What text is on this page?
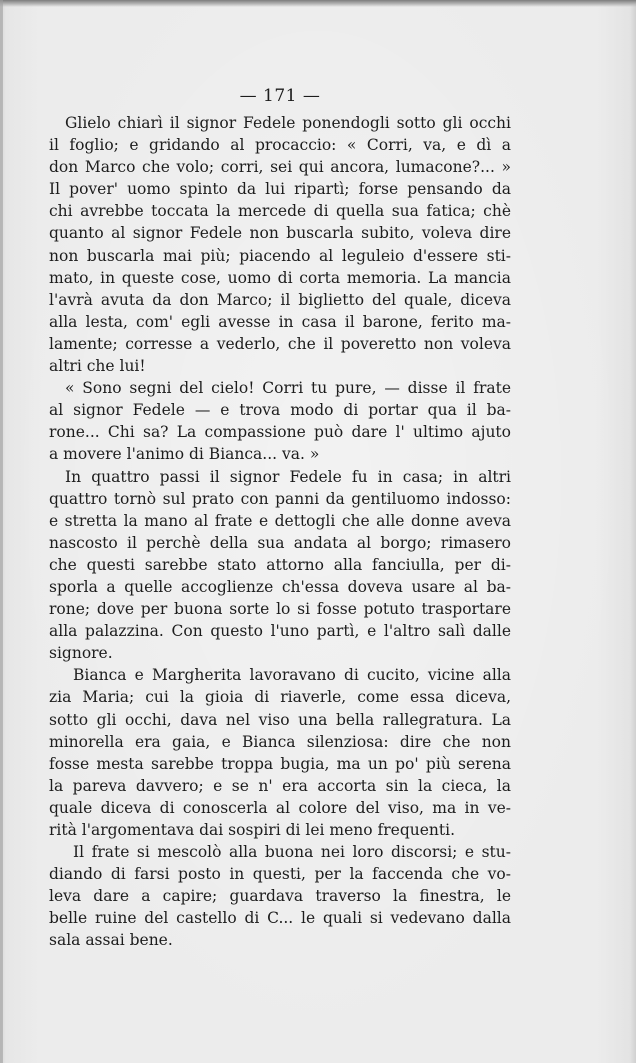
— 171 —
Glielo chiarì il signor Fedele ponendogli sotto gli occhi
il foglio; e gridando al procaccio: « Corri, va, e dì a
don Marco che volo; corri, sei qui ancora, lumacone?... »
Il pover' uomo spinto da lui ripartì; forse pensando da
chi avrebbe toccata la mercede di quella sua fatica; chè
quanto al signor Fedele non buscarla subito, voleva dire
non buscarla mai più; piacendo al leguleio d'essere sti-
mato, in queste cose, uomo di corta memoria. La mancia
l'avrà avuta da don Marco; il biglietto del quale, diceva
alla lesta, com' egli avesse in casa il barone, ferito ma-
lamente; corresse a vederlo, che il poveretto non voleva
altri che lui!
« Sono segni del cielo! Corri tu pure, — disse il frate
al signor Fedele — e trova modo di portar qua il ba-
rone... Chi sa? La compassione può dare l' ultimo ajuto
a movere l'animo di Bianca... va. »
In quattro passi il signor Fedele fu in casa; in altri
quattro tornò sul prato con panni da gentiluomo indosso:
e stretta la mano al frate e dettogli che alle donne aveva
nascosto il perchè della sua andata al borgo; rimasero
che questi sarebbe stato attorno alla fanciulla, per di-
sporla a quelle accoglienze ch'essa doveva usare al ba-
rone; dove per buona sorte lo si fosse potuto trasportare
alla palazzina. Con questo l'uno partì, e l'altro salì dalle
signore.
Bianca e Margherita lavoravano di cucito, vicine alla
zia Maria; cui la gioia di riaverle, come essa diceva,
sotto gli occhi, dava nel viso una bella rallegratura. La
minorella era gaia, e Bianca silenziosa: dire che non
fosse mesta sarebbe troppa bugia, ma un po' più serena
la pareva davvero; e se n' era accorta sin la cieca, la
quale diceva di conoscerla al colore del viso, ma in ve-
rità l'argomentava dai sospiri di lei meno frequenti.
Il frate si mescolò alla buona nei loro discorsi; e stu-
diando di farsi posto in questi, per la faccenda che vo-
leva dare a capire; guardava traverso la finestra, le
belle ruine del castello di C... le quali si vedevano dalla
sala assai bene.
